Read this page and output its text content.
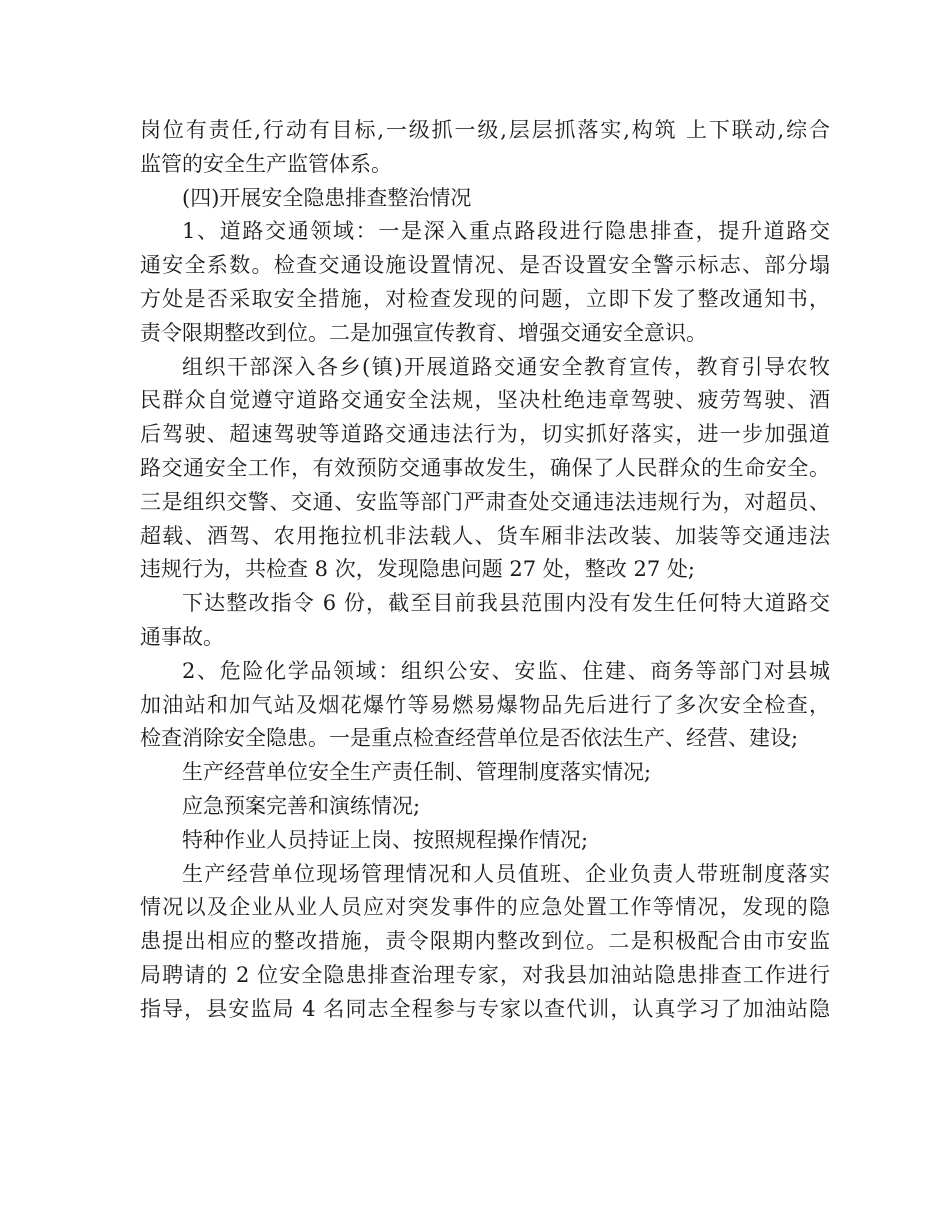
岗位有责任,行动有目标,一级抓一级,层层抓落实,构筑 上下联动,综合
监管的安全生产监管体系。
(四)开展安全隐患排查整治情况
1、道路交通领域：一是深入重点路段进行隐患排查，提升道路交
通安全系数。检查交通设施设置情况、是否设置安全警示标志、部分塌
方处是否采取安全措施，对检查发现的问题，立即下发了整改通知书，
责令限期整改到位。二是加强宣传教育、增强交通安全意识。
组织干部深入各乡(镇)开展道路交通安全教育宣传，教育引导农牧
民群众自觉遵守道路交通安全法规，坚决杜绝违章驾驶、疲劳驾驶、酒
后驾驶、超速驾驶等道路交通违法行为，切实抓好落实，进一步加强道
路交通安全工作，有效预防交通事故发生，确保了人民群众的生命安全。
三是组织交警、交通、安监等部门严肃查处交通违法违规行为，对超员、
超载、酒驾、农用拖拉机非法载人、货车厢非法改装、加装等交通违法
违规行为，共检查 8 次，发现隐患问题 27 处，整改 27 处;
下达整改指令 6 份，截至目前我县范围内没有发生任何特大道路交
通事故。
2、危险化学品领域：组织公安、安监、住建、商务等部门对县城
加油站和加气站及烟花爆竹等易燃易爆物品先后进行了多次安全检查，
检查消除安全隐患。一是重点检查经营单位是否依法生产、经营、建设;
生产经营单位安全生产责任制、管理制度落实情况;
应急预案完善和演练情况;
特种作业人员持证上岗、按照规程操作情况;
生产经营单位现场管理情况和人员值班、企业负责人带班制度落实
情况以及企业从业人员应对突发事件的应急处置工作等情况，发现的隐
患提出相应的整改措施，责令限期内整改到位。二是积极配合由市安监
局聘请的 2 位安全隐患排查治理专家，对我县加油站隐患排查工作进行
指导，县安监局 4 名同志全程参与专家以查代训，认真学习了加油站隐
